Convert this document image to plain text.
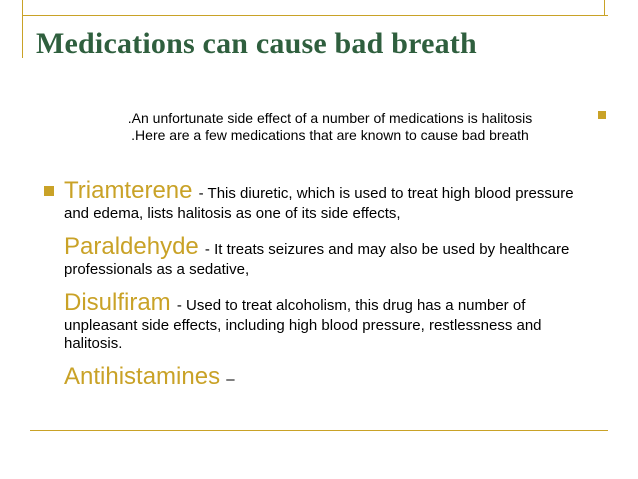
Medications can cause bad breath
An unfortunate side effect of a number of medications is halitosis.
Here are a few medications that are known to cause bad breath.
Triamterene - This diuretic, which is used to treat high blood pressure and edema, lists halitosis as one of its side effects,
Paraldehyde - It treats seizures and may also be used by healthcare professionals as a sedative,
Disulfiram - Used to treat alcoholism, this drug has a number of unpleasant side effects, including high blood pressure, restlessness and halitosis.
Antihistamines –
